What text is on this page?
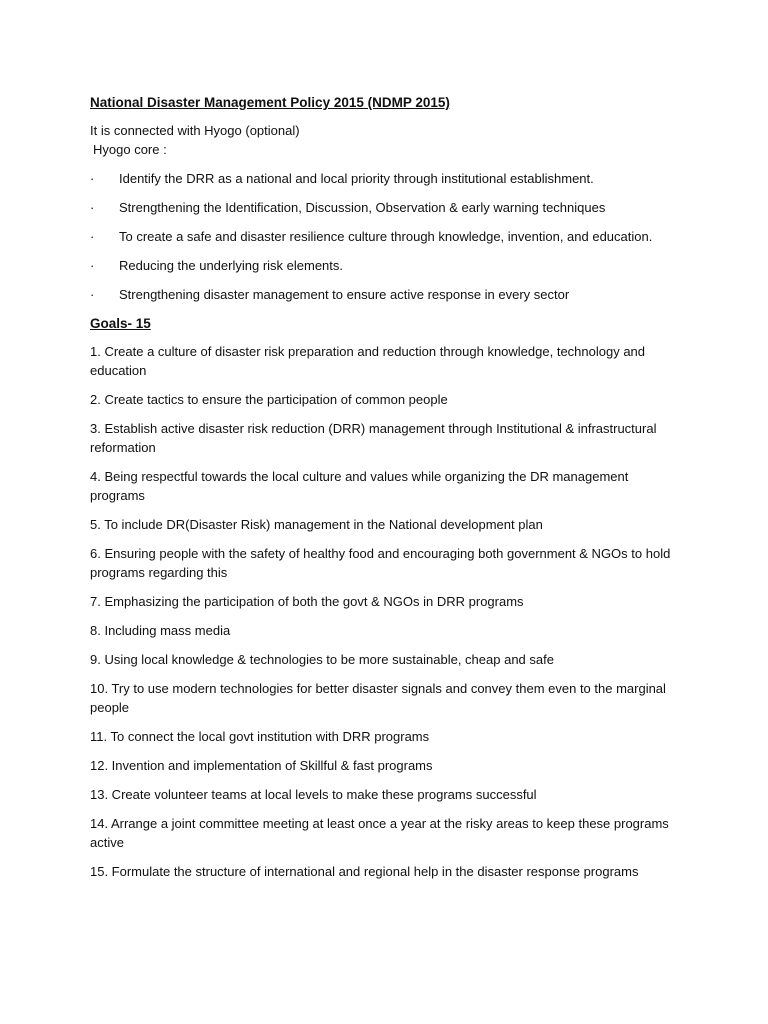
National Disaster Management Policy 2015 (NDMP 2015)

It is connected with Hyogo (optional)

Hyogo core :

·	Identify the DRR as a national and local priority through institutional establishment.
·	Strengthening the Identification, Discussion, Observation & early warning techniques
·	To create a safe and disaster resilience culture through knowledge, invention, and education.
·	Reducing the underlying risk elements.
·	Strengthening disaster management to ensure active response in every sector
Goals- 15
1. Create a culture of disaster risk preparation and reduction through knowledge, technology and education
2. Create tactics to ensure the participation of common people
3. Establish active disaster risk reduction (DRR) management through Institutional & infrastructural reformation
4. Being respectful towards the local culture and values while organizing the DR management programs
5. To include DR(Disaster Risk) management in the National development plan
6. Ensuring people with the safety of healthy food and encouraging both government & NGOs to hold programs regarding this
7. Emphasizing the participation of both the govt & NGOs in DRR programs
8. Including mass media
9. Using local knowledge & technologies to be more sustainable, cheap and safe
10. Try to use modern technologies for better disaster signals and convey them even to the marginal people
11. To connect the local govt institution with DRR programs
12. Invention and implementation of Skillful & fast programs
13. Create volunteer teams at local levels to make these programs successful
14. Arrange a joint committee meeting at least once a year at the risky areas to keep these programs active
15. Formulate the structure of international and regional help in the disaster response programs
